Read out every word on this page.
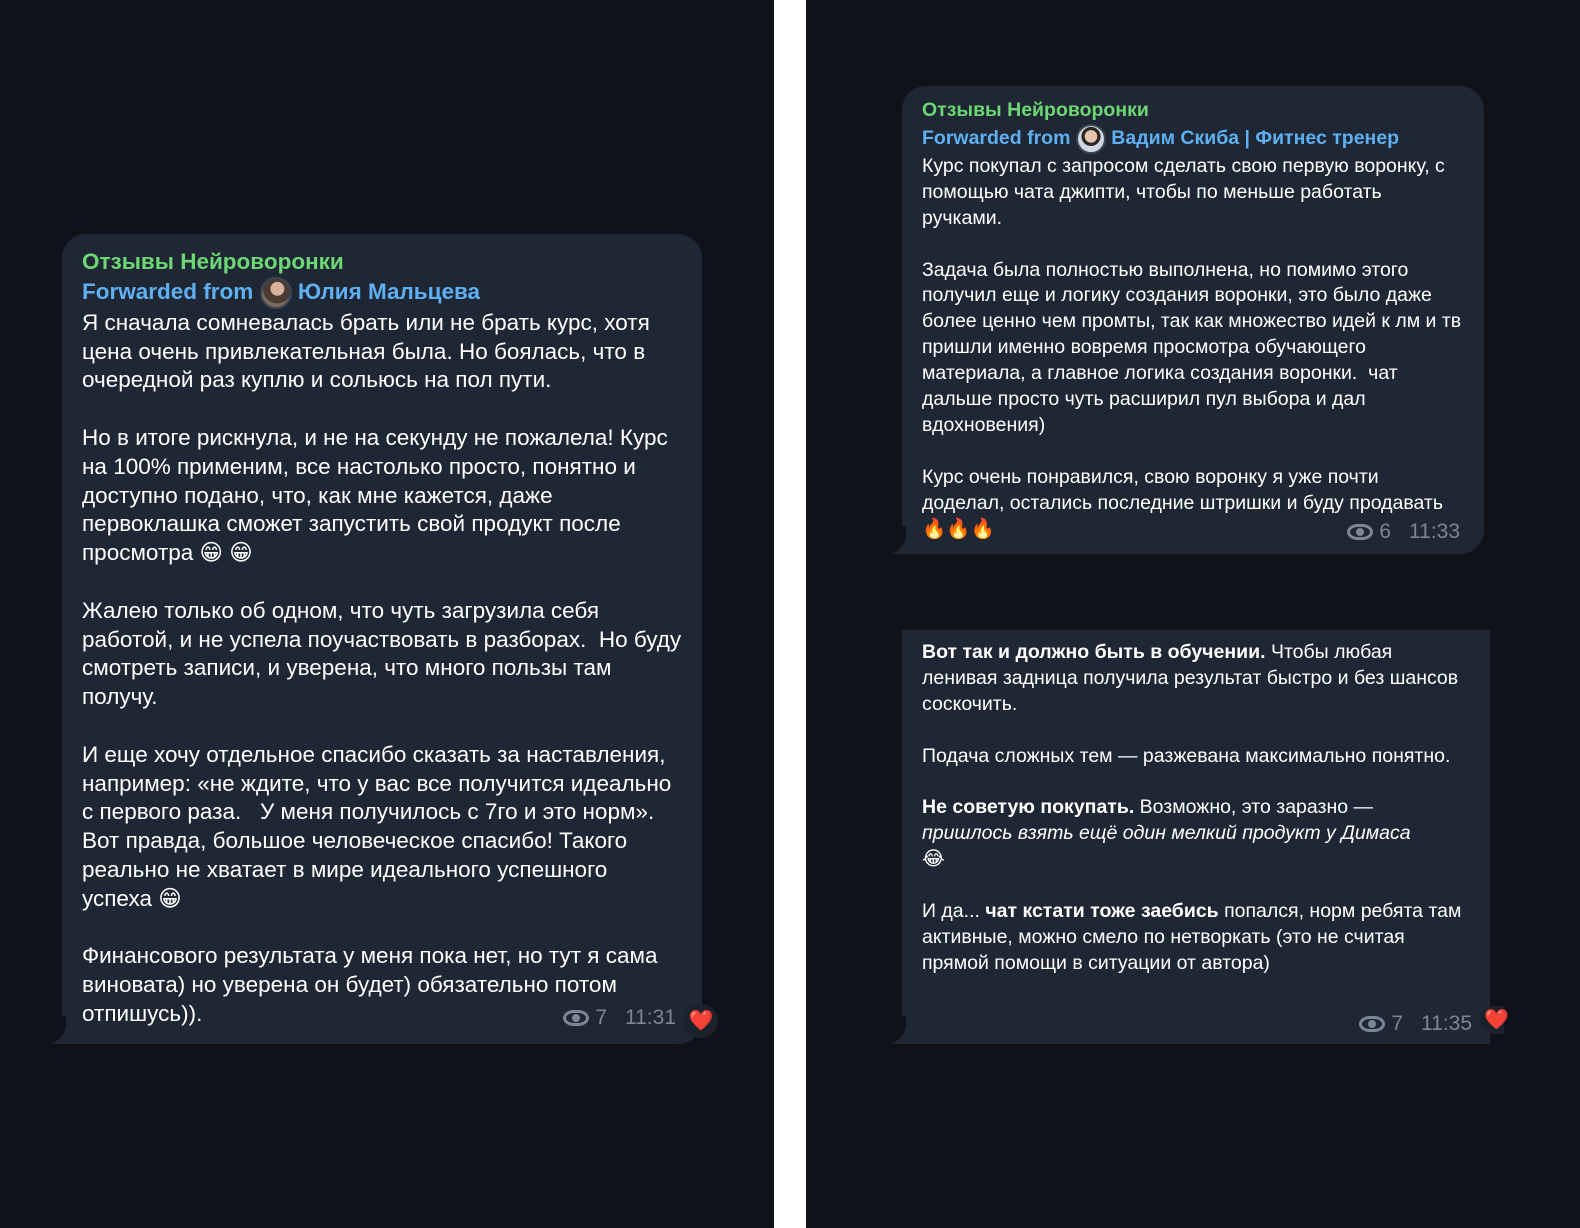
Отзывы Нейроворонки
Forwarded from Юлия Мальцева

Я сначала сомневалась брать или не брать курс, хотя цена очень привлекательная была. Но боялась, что в очередной раз куплю и сольюсь на пол пути.

Но в итоге рискнула, и не на секунду не пожалела! Курс на 100% применим, все настолько просто, понятно и доступно подано, что, как мне кажется, даже первоклашка сможет запустить свой продукт после просмотра 😁 😁

Жалею только об одном, что чуть загрузила себя работой, и не успела поучаствовать в разборах.  Но буду смотреть записи, и уверена, что много пользы там получу.

И еще хочу отдельное спасибо сказать за наставления, например: «не ждите, что у вас все получится идеально с первого раза.   У меня получилось с 7го и это норм». Вот правда, большое человеческое спасибо! Такого реально не хватает в мире идеального успешного успеха 😁

Финансового результата у меня пока нет, но тут я сама виновата) но уверена он будет) обязательно потом отпишусь)).	7 11:31 ❤️
Отзывы Нейроворонки
Forwarded from Вадим Скиба | Фитнес тренер

Курс покупал с запросом сделать свою первую воронку, с помощью чата джипти, чтобы по меньше работать ручками.

Задача была полностью выполнена, но помимо этого получил еще и логику создания воронки, это было даже более ценно чем промты, так как множество идей к лм и тв пришли именно вовремя просмотра обучающего материала, а главное логика создания воронки.  чат дальше просто чуть расширил пул выбора и дал вдохновения)

Курс очень понравился, свою воронку я уже почти доделал, остались последние штришки и буду продавать 🔥🔥🔥	6 11:33

Вот так и должно быть в обучении. Чтобы любая ленивая задница получила результат быстро и без шансов соскочить.

Подача сложных тем — разжевана максимально понятно.

Не советую покупать. Возможно, это заразно —
пришлось взять ещё один мелкий продукт у Димаса
😂

И да... чат кстати тоже заебись попался, норм ребята там активные, можно смело по нетворкать (это не считая прямой помощи в ситуации от автора)

7 11:35 ❤️
